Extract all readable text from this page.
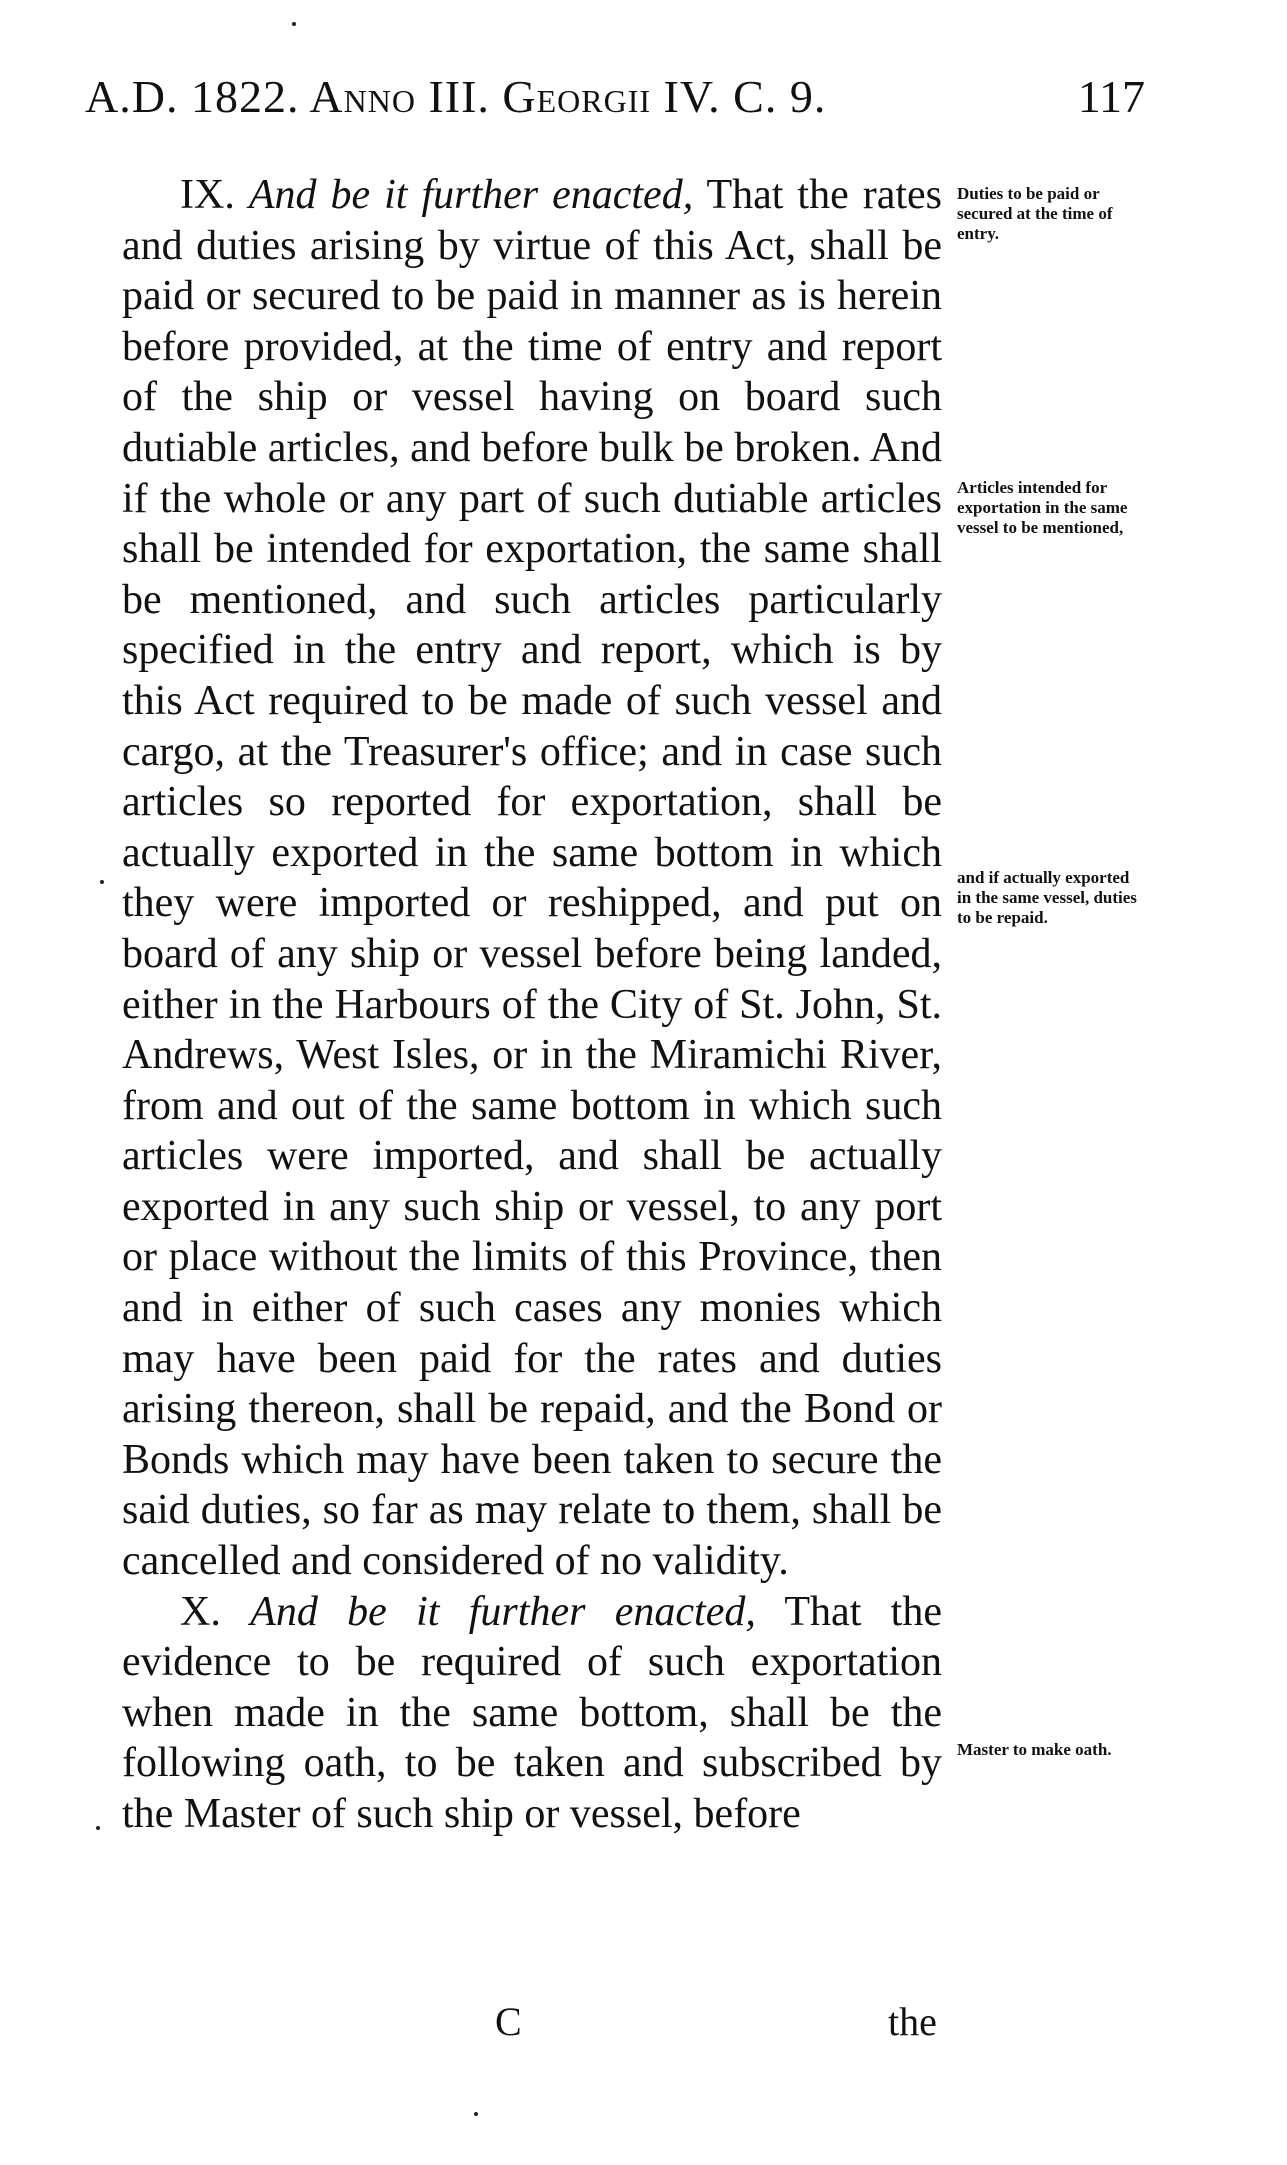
A.D. 1822. Anno III. Georgii IV. C. 9.	117

IX. And be it further enacted, That the rates and duties arising by virtue of this Act, shall be paid or secured to be paid in manner as is herein before provided, at the time of entry and report of the ship or vessel having on board such dutiable articles, and before bulk be broken. And if the whole or any part of such dutiable articles shall be intended for exportation, the same shall be mentioned, and such articles particularly specified in the entry and report, which is by this Act required to be made of such vessel and cargo, at the Treasurer's office; and in case such articles so reported for exportation, shall be actually exported in the same bottom in which they were imported or reshipped, and put on board of any ship or vessel before being landed, either in the Harbours of the City of St. John, St. Andrews, West Isles, or in the Miramichi River, from and out of the same bottom in which such articles were imported, and shall be actually exported in any such ship or vessel, to any port or place without the limits of this Province, then and in either of such cases any monies which may have been paid for the rates and duties arising thereon, shall be repaid, and the Bond or Bonds which may have been taken to secure the said duties, so far as may relate to them, shall be cancelled and considered of no validity.

X. And be it further enacted, That the evidence to be required of such exportation when made in the same bottom, shall be the following oath, to be taken and subscribed by the Master of such ship or vessel, before

Duties to be paid or secured at the time of entry.
Articles intended for exportation in the same vessel to be mentioned,
and if actually exported in the same vessel, duties to be repaid.
Master to make oath.
C	the
